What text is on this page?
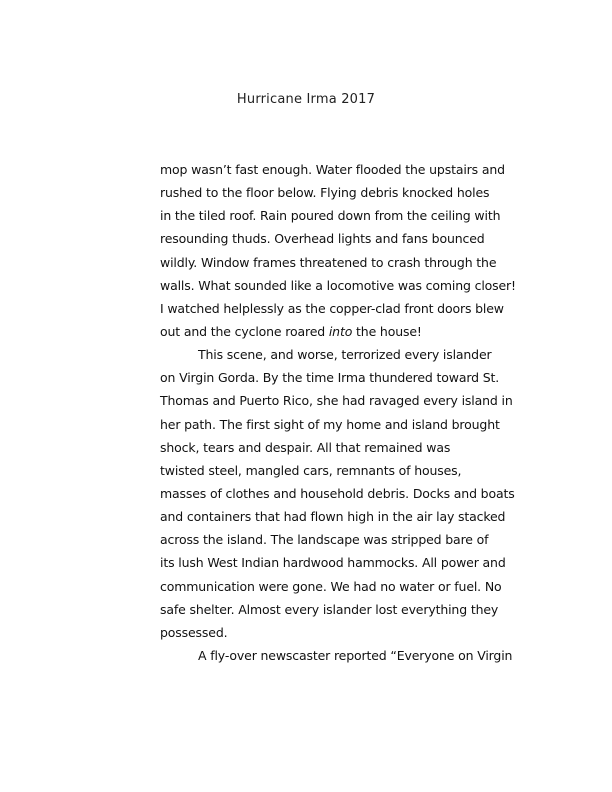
Hurricane Irma 2017
mop wasn’t fast enough. Water flooded the upstairs and
rushed to the floor below. Flying debris knocked holes
in the tiled roof. Rain poured down from the ceiling with
resounding thuds. Overhead lights and fans bounced
wildly. Window frames threatened to crash through the
walls. What sounded like a locomotive was coming closer!
I watched helplessly as the copper-clad front doors blew
out and the cyclone roared into the house!
This scene, and worse, terrorized every islander
on Virgin Gorda. By the time Irma thundered toward St.
Thomas and Puerto Rico, she had ravaged every island in
her path. The first sight of my home and island brought
shock, tears and despair. All that remained was
twisted steel, mangled cars, remnants of houses,
masses of clothes and household debris. Docks and boats
and containers that had flown high in the air lay stacked
across the island. The landscape was stripped bare of
its lush West Indian hardwood hammocks. All power and
communication were gone. We had no water or fuel. No
safe shelter. Almost every islander lost everything they
possessed.
A fly-over newscaster reported “Everyone on Virgin
